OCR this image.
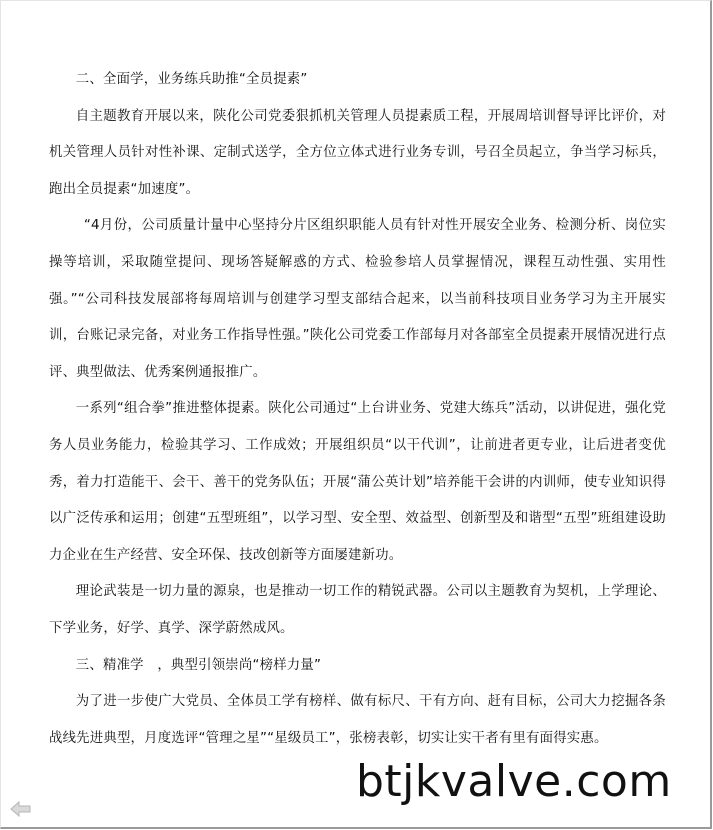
二、全面学，业务练兵助推“全员提素”

自主题教育开展以来，陕化公司党委狠抓机关管理人员提素质工程，开展周培训督导评比评价，对机关管理人员针对性补课、定制式送学，全方位立体式进行业务专训，号召全员起立，争当学习标兵，跑出全员提素“加速度”。

“4月份，公司质量计量中心坚持分片区组织职能人员有针对性开展安全业务、检测分析、岗位实操等培训，采取随堂提问、现场答疑解惑的方式、检验参培人员掌握情况，课程互动性强、实用性强。”“公司科技发展部将每周培训与创建学习型支部结合起来，以当前科技项目业务学习为主开展实训，台账记录完备，对业务工作指导性强。”陕化公司党委工作部每月对各部室全员提素开展情况进行点评、典型做法、优秀案例通报推广。

一系列“组合拳”推进整体提素。陕化公司通过“上台讲业务、党建大练兵”活动，以讲促进，强化党务人员业务能力，检验其学习、工作成效；开展组织员“以干代训”，让前进者更专业，让后进者变优秀，着力打造能干、会干、善干的党务队伍；开展“蒲公英计划”培养能干会讲的内训师，使专业知识得以广泛传承和运用；创建“五型班组”，以学习型、安全型、效益型、创新型及和谐型“五型”班组建设助力企业在生产经营、安全环保、技改创新等方面屡建新功。

理论武装是一切力量的源泉，也是推动一切工作的精锐武器。公司以主题教育为契机，上学理论、下学业务，好学、真学、深学蔚然成风。

三、精准学　，典型引领崇尚“榜样力量”

为了进一步使广大党员、全体员工学有榜样、做有标尺、干有方向、赶有目标，公司大力挖掘各条战线先进典型，月度选评“管理之星”“星级员工”，张榜表彰，切实让实干者有里有面得实惠。

btjkvalve.com
